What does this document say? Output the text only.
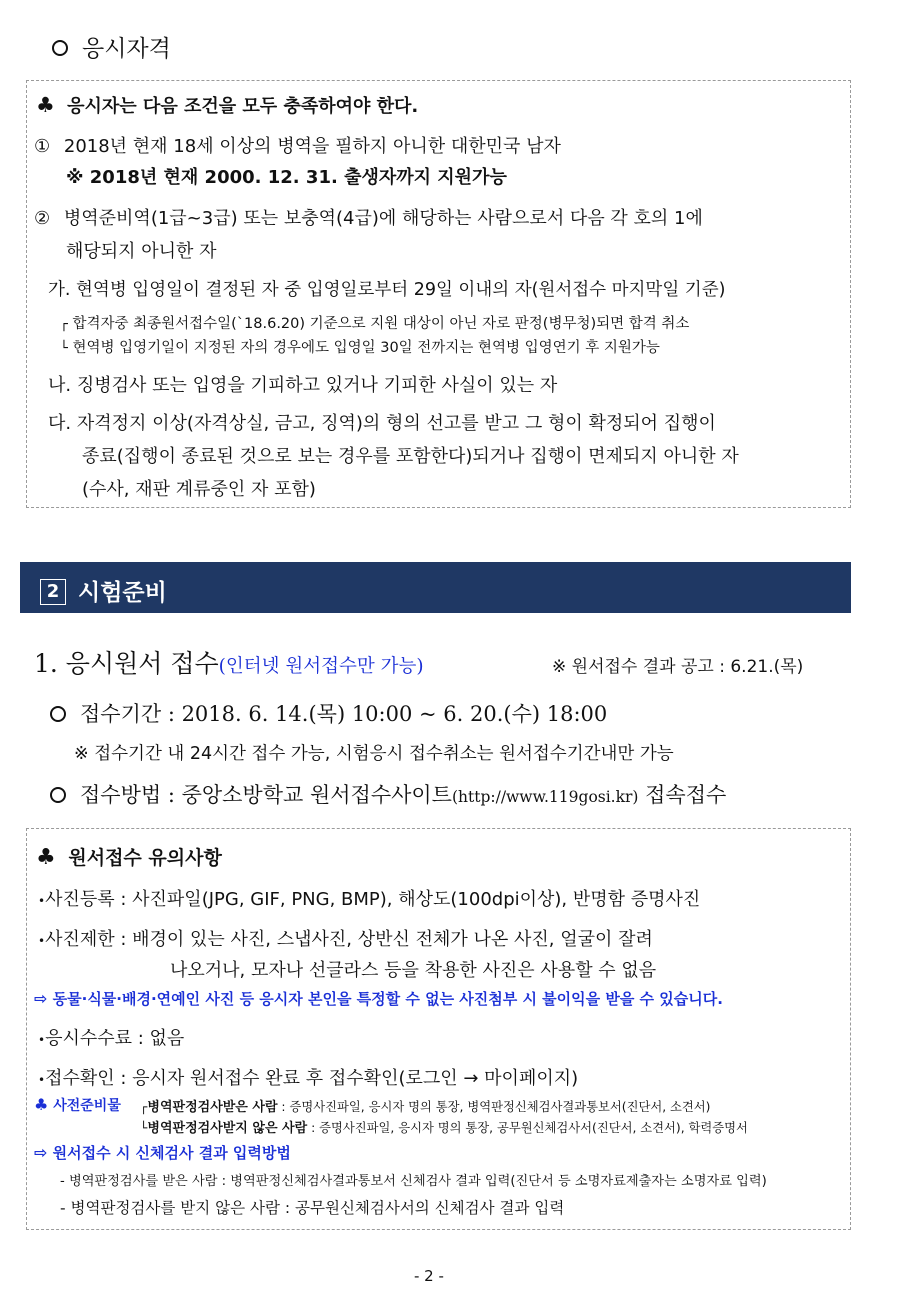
응시자격
♣ 응시자는 다음 조건을 모두 충족하여야 한다.
① 2018년 현재 18세 이상의 병역을 필하지 아니한 대한민국 남자
※ 2018년 현재 2000. 12. 31. 출생자까지 지원가능
② 병역준비역(1급~3급) 또는 보충역(4급)에 해당하는 사람으로서 다음 각 호의 1에
해당되지 아니한 자
가. 현역병 입영일이 결정된 자 중 입영일로부터 29일 이내의 자(원서접수 마지막일 기준)
┌ 합격자중 최종원서접수일(`18.6.20) 기준으로 지원 대상이 아닌 자로 판정(병무청)되면 합격 취소
└ 현역병 입영기일이 지정된 자의 경우에도 입영일 30일 전까지는 현역병 입영연기 후 지원가능
나. 징병검사 또는 입영을 기피하고 있거나 기피한 사실이 있는 자
다. 자격정지 이상(자격상실, 금고, 징역)의 형의 선고를 받고 그 형이 확정되어 집행이
종료(집행이 종료된 것으로 보는 경우를 포함한다)되거나 집행이 면제되지 아니한 자
(수사, 재판 계류중인 자 포함)
2 시험준비
1. 응시원서 접수(인터넷 원서접수만 가능)	※ 원서접수 결과 공고 : 6.21.(목)
접수기간 : 2018. 6. 14.(목) 10:00 ~ 6. 20.(수) 18:00
※ 접수기간 내 24시간 접수 가능, 시험응시 접수취소는 원서접수기간내만 가능
접수방법 : 중앙소방학교 원서접수사이트(http://www.119gosi.kr) 접속접수
♣ 원서접수 유의사항
•사진등록 : 사진파일(JPG, GIF, PNG, BMP), 해상도(100dpi이상), 반명함 증명사진
•사진제한 : 배경이 있는 사진, 스냅사진, 상반신 전체가 나온 사진, 얼굴이 잘려
나오거나, 모자나 선글라스 등을 착용한 사진은 사용할 수 없음
⇨ 동물·식물·배경·연예인 사진 등 응시자 본인을 특정할 수 없는 사진첨부 시 불이익을 받을 수 있습니다.
•응시수수료 : 없음
•접수확인 : 응시자 원서접수 완료 후 접수확인(로그인 → 마이페이지)
♣ 사전준비물 ┌병역판정검사받은 사람 : 증명사진파일, 응시자 명의 통장, 병역판정신체검사결과통보서(진단서, 소견서)
└병역판정검사받지 않은 사람 : 증명사진파일, 응시자 명의 통장, 공무원신체검사서(진단서, 소견서), 학력증명서
⇨ 원서접수 시 신체검사 결과 입력방법
- 병역판정검사를 받은 사람 : 병역판정신체검사결과통보서 신체검사 결과 입력(진단서 등 소명자료제출자는 소명자료 입력)
- 병역판정검사를 받지 않은 사람 : 공무원신체검사서의 신체검사 결과 입력
- 2 -
